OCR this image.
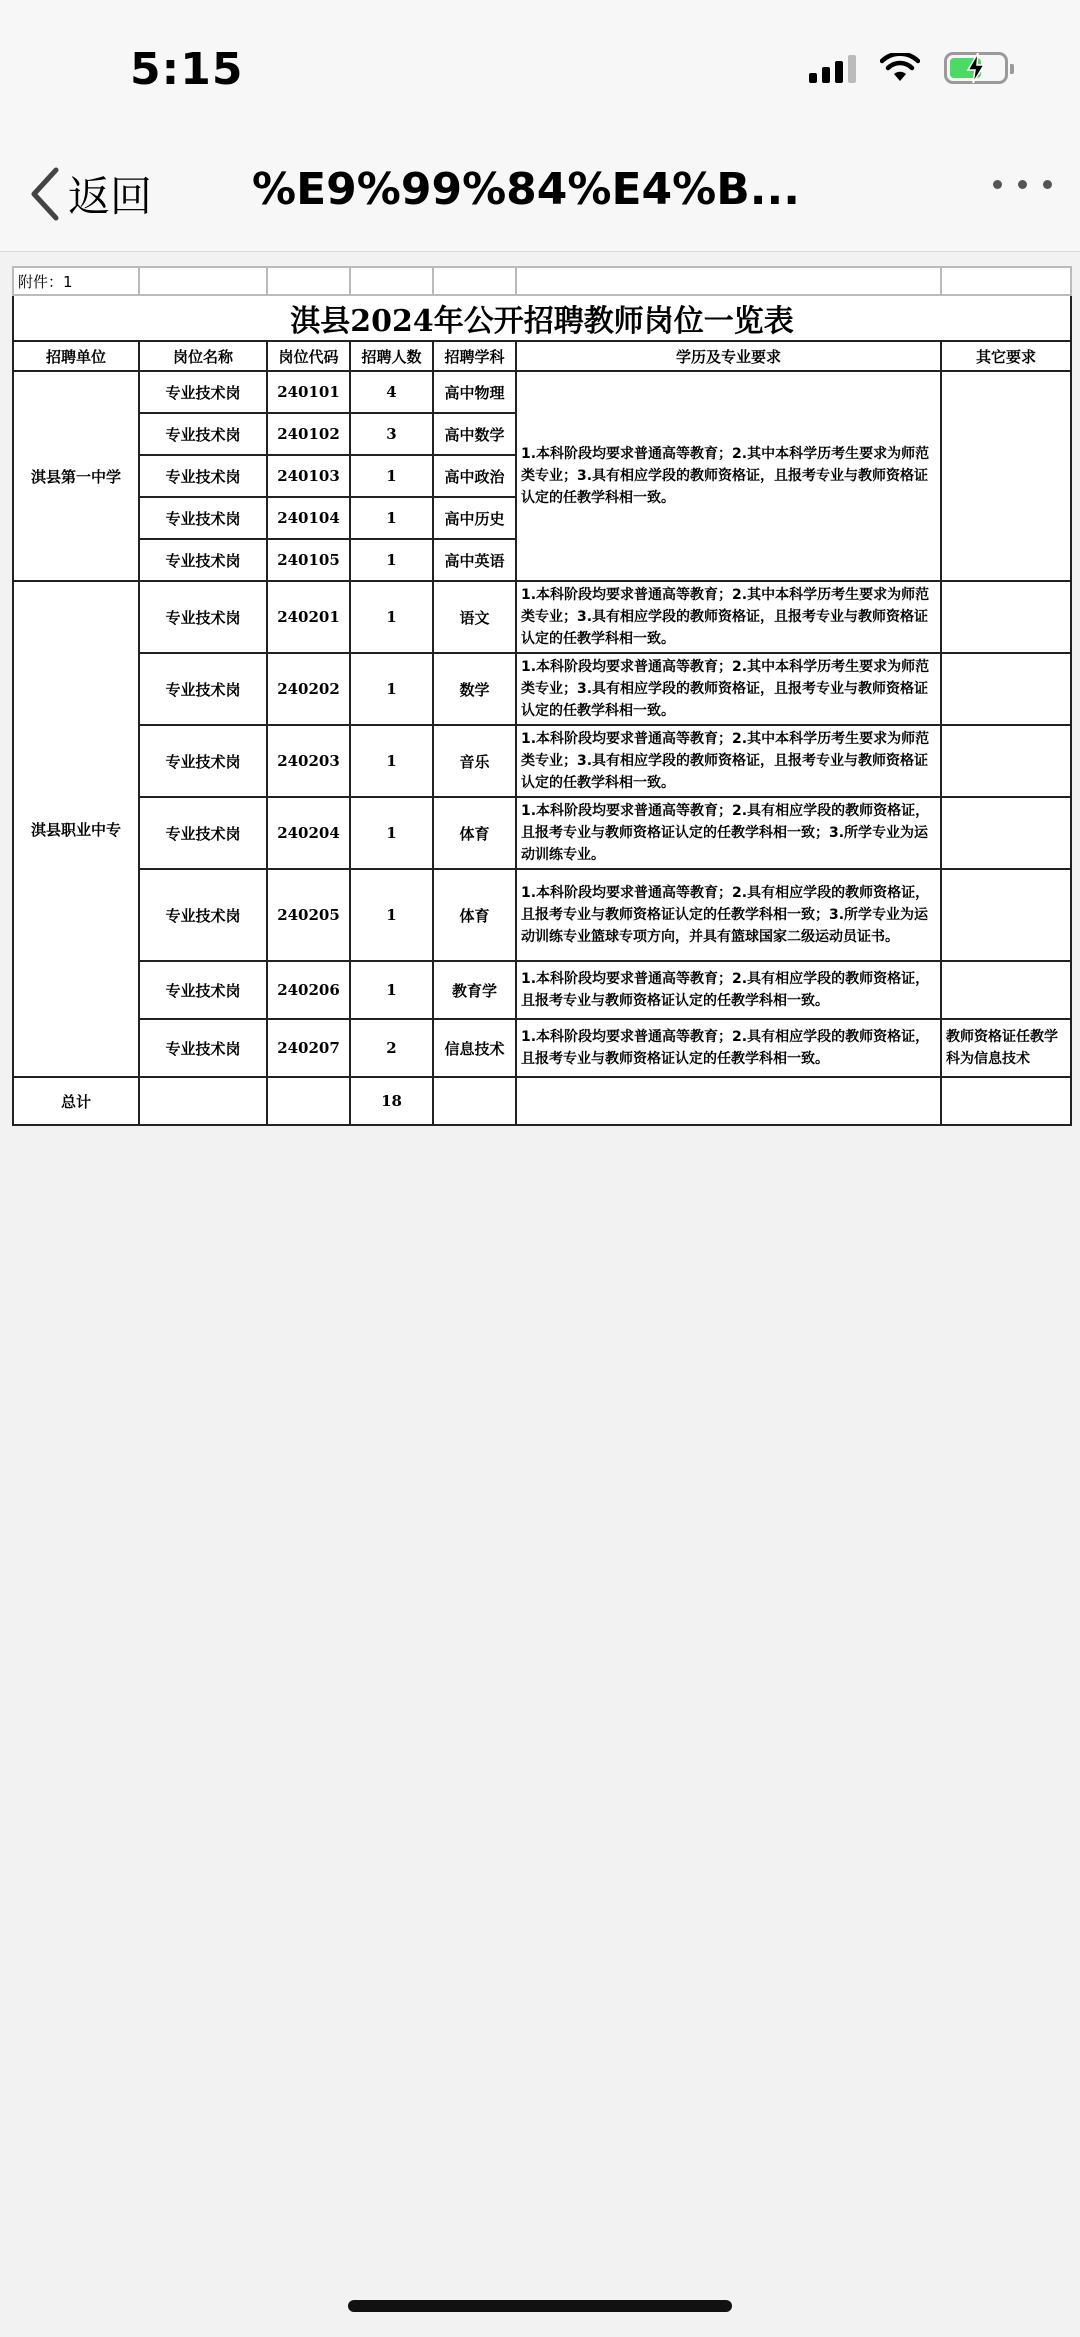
5:15
返回 %E9%99%84%E4%B...
附件：1						
淇县2024年公开招聘教师岗位一览表						
招聘单位	岗位名称	岗位代码	招聘人数	招聘学科	学历及专业要求	其它要求
淇县第一中学	专业技术岗	240101	4	高中物理	1.本科阶段均要求普通高等教育；2.其中本科学历考生要求为师范类专业；3.具有相应学段的教师资格证，且报考专业与教师资格证认定的任教学科相一致。	
	专业技术岗	240102	3	高中数学		
	专业技术岗	240103	1	高中政治		
	专业技术岗	240104	1	高中历史		
	专业技术岗	240105	1	高中英语		
淇县职业中专	专业技术岗	240201	1	语文	1.本科阶段均要求普通高等教育；2.其中本科学历考生要求为师范类专业；3.具有相应学段的教师资格证，且报考专业与教师资格证认定的任教学科相一致。	
	专业技术岗	240202	1	数学	1.本科阶段均要求普通高等教育；2.其中本科学历考生要求为师范类专业；3.具有相应学段的教师资格证，且报考专业与教师资格证认定的任教学科相一致。	
	专业技术岗	240203	1	音乐	1.本科阶段均要求普通高等教育；2.其中本科学历考生要求为师范类专业；3.具有相应学段的教师资格证，且报考专业与教师资格证认定的任教学科相一致。	
	专业技术岗	240204	1	体育	1.本科阶段均要求普通高等教育；2.具有相应学段的教师资格证，且报考专业与教师资格证认定的任教学科相一致；3.所学专业为运动训练专业。	
	专业技术岗	240205	1	体育	1.本科阶段均要求普通高等教育；2.具有相应学段的教师资格证，且报考专业与教师资格证认定的任教学科相一致；3.所学专业为运动训练专业篮球专项方向，并具有篮球国家二级运动员证书。	
	专业技术岗	240206	1	教育学	1.本科阶段均要求普通高等教育；2.具有相应学段的教师资格证，且报考专业与教师资格证认定的任教学科相一致。	
	专业技术岗	240207	2	信息技术	1.本科阶段均要求普通高等教育；2.具有相应学段的教师资格证，且报考专业与教师资格证认定的任教学科相一致。	教师资格证任教学科为信息技术
总计			18			
